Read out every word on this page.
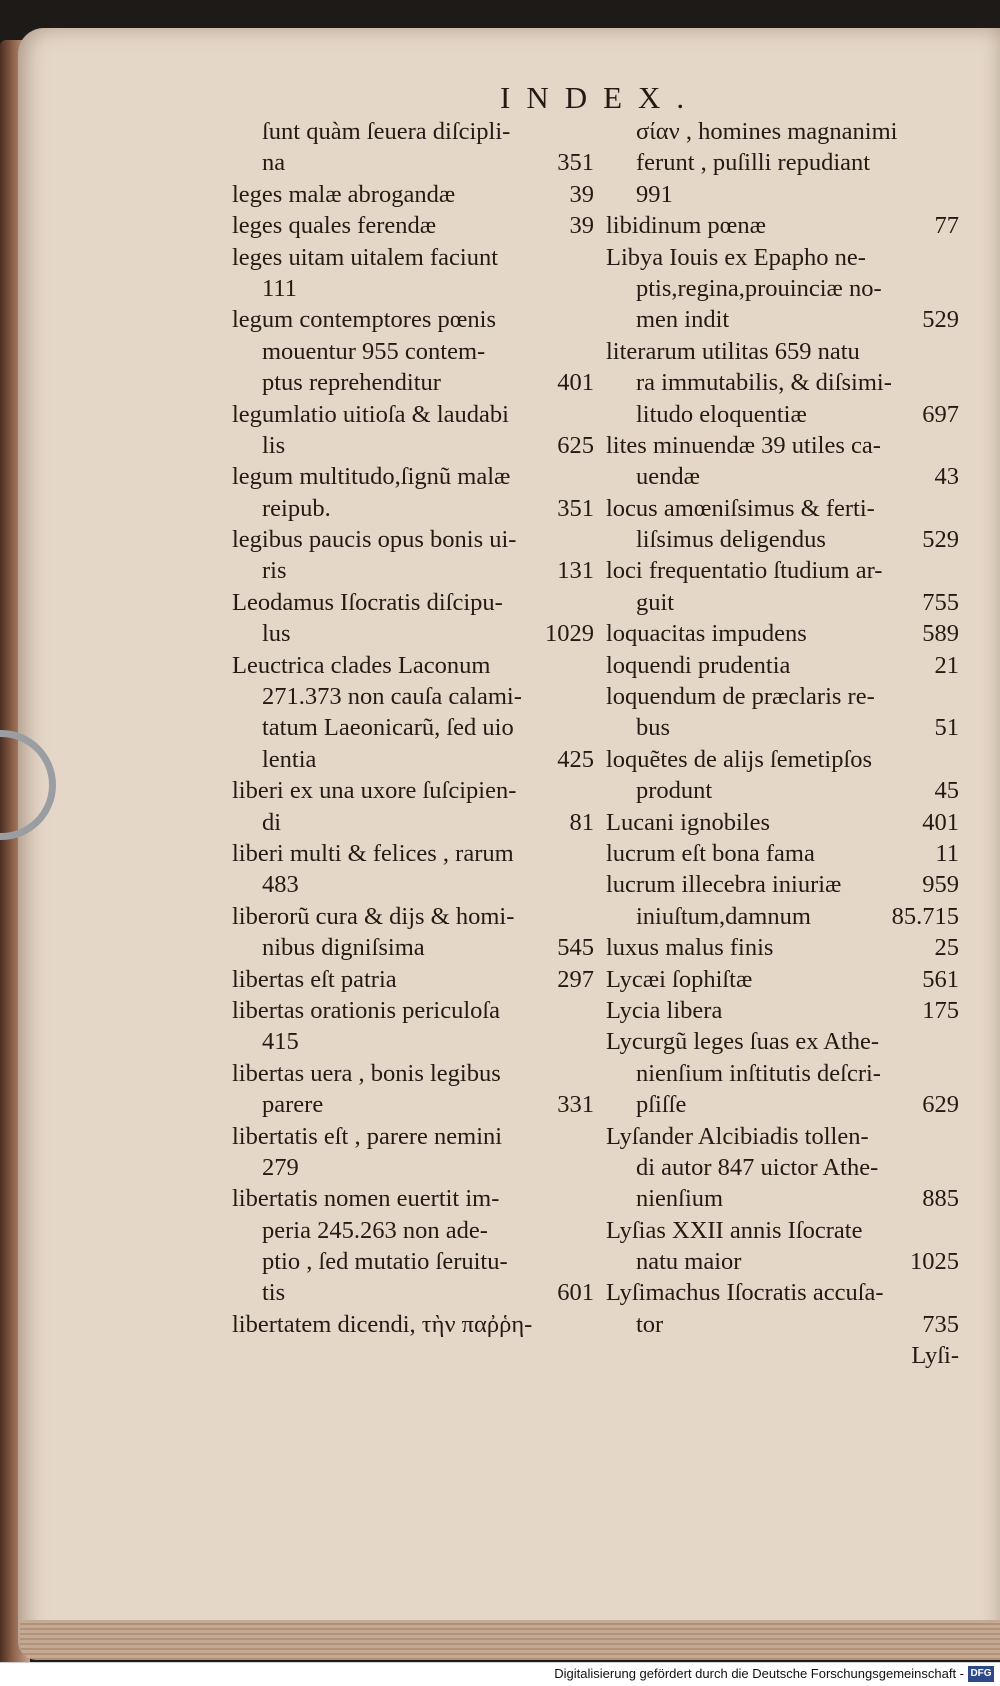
INDEX.
ſunt quàm ſeuera diſcipli-
na	351
leges malæ abrogandæ	39
leges quales ferendæ	39
leges uitam uitalem faciunt
111
legum contemptores pœnis
mouentur 955 contem-
ptus reprehenditur	401
legumlatio uitioſa & laudabi
lis	625
legum multitudo,ſignũ malæ
reipub.	351
legibus paucis opus bonis ui-
ris	131
Leodamus Iſocratis diſcipu-
lus	1029
Leuctrica clades Laconum
271.373 non cauſa calami-
tatum Laeonicarũ, ſed uio
lentia	425
liberi ex una uxore ſuſcipien-
di	81
liberi multi & felices , rarum
483
liberorũ cura & dijs & homi-
nibus digniſsima	545
libertas eſt patria	297
libertas orationis periculoſa
415
libertas uera , bonis legibus
parere	331
libertatis eſt , parere nemini
279
libertatis nomen euertit im-
peria 245.263 non ade-
ptio , ſed mutatio ſeruitu-
tis	601
libertatem dicendi, τὴν παῤῥη-
σίαν , homines magnanimi
ferunt , puſilli repudiant
991
libidinum pœnæ	77
Libya Iouis ex Epapho ne-
ptis,regina,prouinciæ no-
men indit	529
literarum utilitas 659 natu
ra immutabilis, & diſsimi-
litudo eloquentiæ	697
lites minuendæ 39 utiles ca-
uendæ	43
locus amœniſsimus & ferti-
liſsimus deligendus	529
loci frequentatio ſtudium ar-
guit	755
loquacitas impudens	589
loquendi prudentia	21
loquendum de præclaris re-
bus	51
loquẽtes de alijs ſemetipſos
produnt	45
Lucani ignobiles	401
lucrum eſt bona fama	11
lucrum illecebra iniuriæ	959
iniuſtum,damnum	85.715
luxus malus finis	25
Lycæi ſophiſtæ	561
Lycia libera	175
Lycurgũ leges ſuas ex Athe-
nienſium inſtitutis deſcri-
pſiſſe	629
Lyſander Alcibiadis tollen-
di autor 847 uictor Athe-
nienſium	885
Lyſias XXII annis Iſocrate
natu maior	1025
Lyſimachus Iſocratis accuſa-
tor	735
Lyſi-
Digitalisierung gefördert durch die Deutsche Forschungsgemeinschaft - DFG
